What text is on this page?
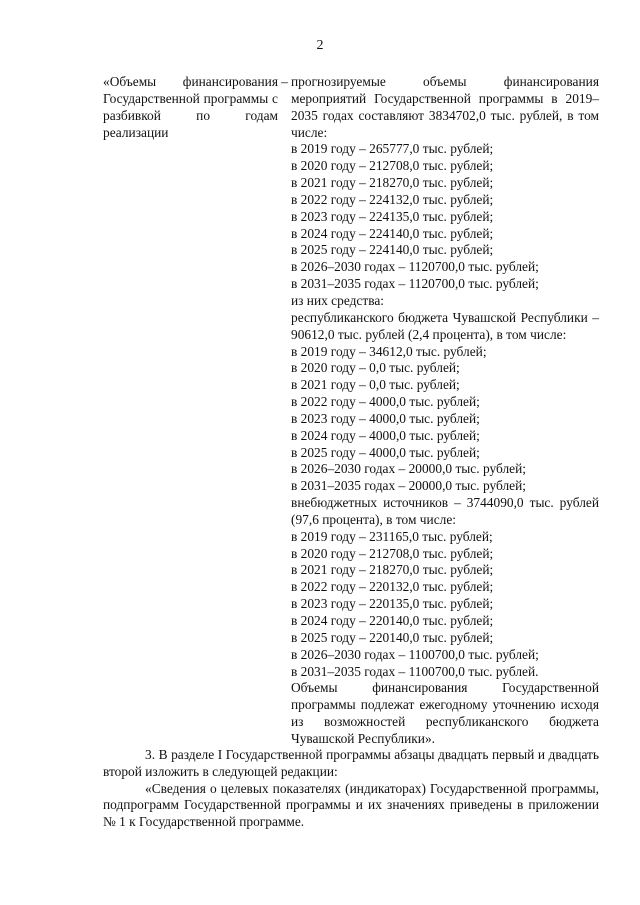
2
«Объемы финансирования Государственной программы с разбивкой по годам реализации
– прогнозируемые объемы финансирования мероприятий Государственной программы в 2019–2035 годах составляют 3834702,0 тыс. рублей, в том числе:
в 2019 году – 265777,0 тыс. рублей;
в 2020 году – 212708,0 тыс. рублей;
в 2021 году – 218270,0 тыс. рублей;
в 2022 году – 224132,0 тыс. рублей;
в 2023 году – 224135,0 тыс. рублей;
в 2024 году – 224140,0 тыс. рублей;
в 2025 году – 224140,0 тыс. рублей;
в 2026–2030 годах – 1120700,0 тыс. рублей;
в 2031–2035 годах – 1120700,0 тыс. рублей;
из них средства:
республиканского бюджета Чувашской Республики – 90612,0 тыс. рублей (2,4 процента), в том числе:
в 2019 году – 34612,0 тыс. рублей;
в 2020 году – 0,0 тыс. рублей;
в 2021 году – 0,0 тыс. рублей;
в 2022 году – 4000,0 тыс. рублей;
в 2023 году – 4000,0 тыс. рублей;
в 2024 году – 4000,0 тыс. рублей;
в 2025 году – 4000,0 тыс. рублей;
в 2026–2030 годах – 20000,0 тыс. рублей;
в 2031–2035 годах – 20000,0 тыс. рублей;
внебюджетных источников – 3744090,0 тыс. рублей (97,6 процента), в том числе:
в 2019 году – 231165,0 тыс. рублей;
в 2020 году – 212708,0 тыс. рублей;
в 2021 году – 218270,0 тыс. рублей;
в 2022 году – 220132,0 тыс. рублей;
в 2023 году – 220135,0 тыс. рублей;
в 2024 году – 220140,0 тыс. рублей;
в 2025 году – 220140,0 тыс. рублей;
в 2026–2030 годах – 1100700,0 тыс. рублей;
в 2031–2035 годах – 1100700,0 тыс. рублей.
Объемы финансирования Государственной программы подлежат ежегодному уточнению исходя из возможностей республиканского бюджета Чувашской Республики».

3. В разделе I Государственной программы абзацы двадцать первый и двадцать второй изложить в следующей редакции:

«Сведения о целевых показателях (индикаторах) Государственной программы, подпрограмм Государственной программы и их значениях приведены в приложении № 1 к Государственной программе.
